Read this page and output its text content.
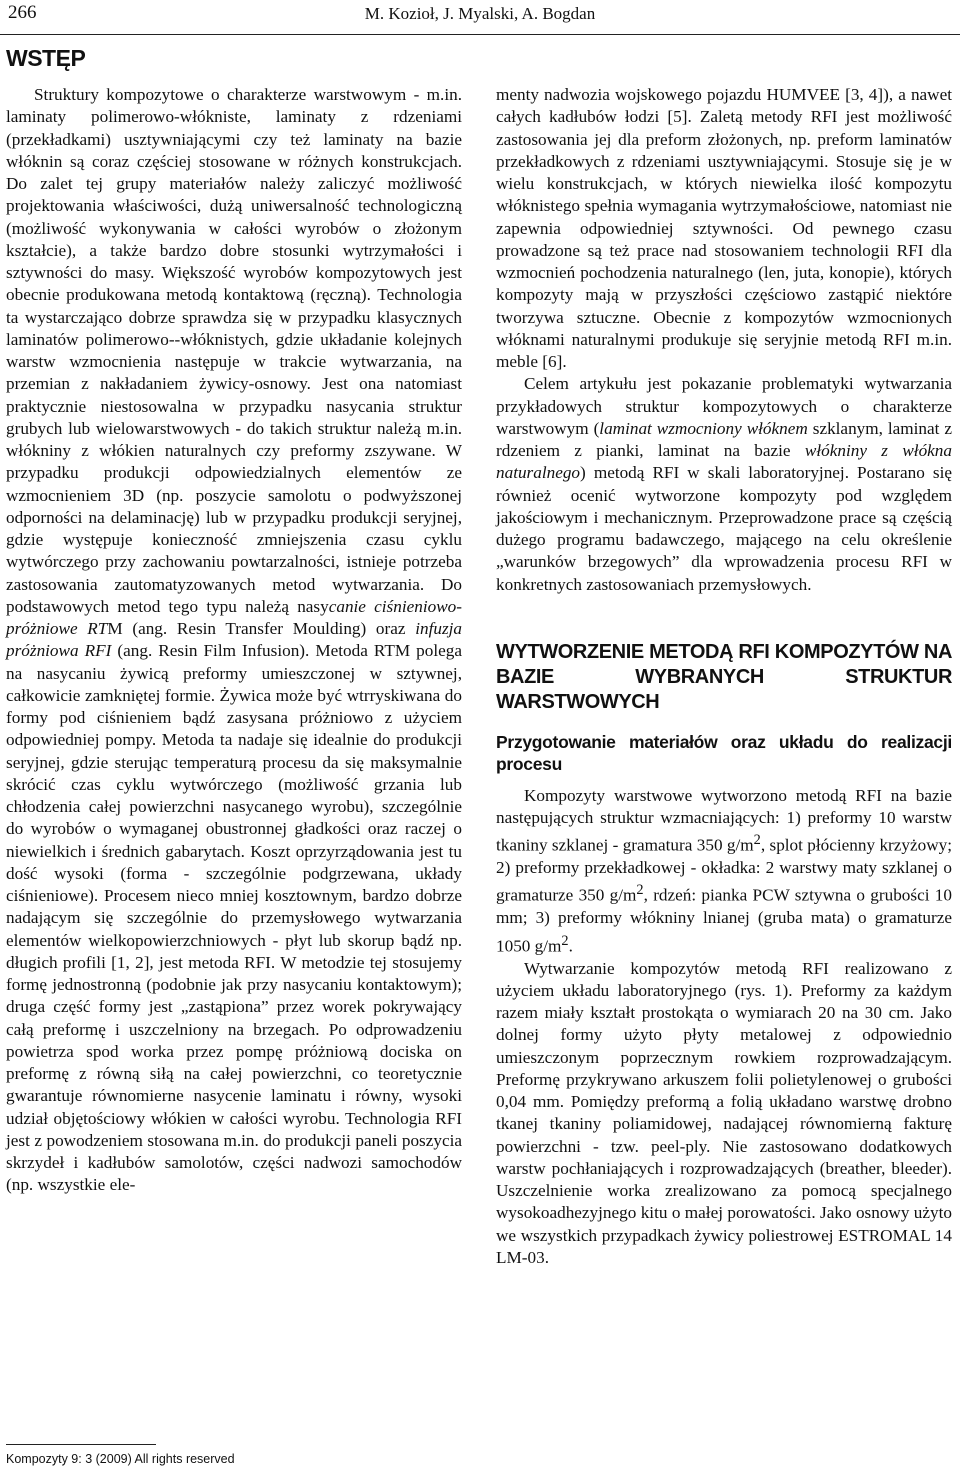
266	M. Kozioł, J. Myalski, A. Bogdan
WSTĘP

Struktury kompozytowe o charakterze warstwowym - m.in. laminaty polimerowo-włókniste, laminaty z rdzeniami (przekładkami) usztywniającymi czy też laminaty na bazie włóknin są coraz częściej stosowane w różnych konstrukcjach. Do zalet tej grupy materiałów należy zaliczyć możliwość projektowania właściwości, dużą uniwersalność technologiczną (możliwość wykonywania w całości wyrobów o złożonym kształcie), a także bardzo dobre stosunki wytrzymałości i sztywności do masy. Większość wyrobów kompozytowych jest obecnie produkowana metodą kontaktową (ręczną). Technologia ta wystarczająco dobrze sprawdza się w przypadku klasycznych laminatów polimerowo--włóknistych, gdzie układanie kolejnych warstw wzmocnienia następuje w trakcie wytwarzania, na przemian z nakładaniem żywicy-osnowy. Jest ona natomiast praktycznie niestosowalna w przypadku nasycania struktur grubych lub wielowarstwowych - do takich struktur należą m.in. włókniny z włókien naturalnych czy preformy zszywane. W przypadku produkcji odpowiedzialnych elementów ze wzmocnieniem 3D (np. poszycie samolotu o podwyższonej odporności na delaminację) lub w przypadku produkcji seryjnej, gdzie występuje konieczność zmniejszenia czasu cyklu wytwórczego przy zachowaniu powtarzalności, istnieje potrzeba zastosowania zautomatyzowanych metod wytwarzania. Do podstawowych metod tego typu należą nasycanie ciśnieniowo-próżniowe RTM (ang. Resin Transfer Moulding) oraz infuzja próżniowa RFI (ang. Resin Film Infusion). Metoda RTM polega na nasycaniu żywicą preformy umieszczonej w sztywnej, całkowicie zamkniętej formie. Żywica może być wtrryskiwana do formy pod ciśnieniem bądź zasysana próżniowo z użyciem odpowiedniej pompy. Metoda ta nadaje się idealnie do produkcji seryjnej, gdzie sterując temperaturą procesu da się maksymalnie skrócić czas cyklu wytwórczego (możliwość grzania lub chłodzenia całej powierzchni nasycanego wyrobu), szczególnie do wyrobów o wymaganej obustronnej gładkości oraz raczej o niewielkich i średnich gabarytach. Koszt oprzyrządowania jest tu dość wysoki (forma - szczególnie podgrzewana, układy ciśnieniowe). Procesem nieco mniej kosztownym, bardzo dobrze nadającym się szczególnie do przemysłowego wytwarzania elementów wielkopowierzchniowych - płyt lub skorup bądź np. długich profili [1, 2], jest metoda RFI. W metodzie tej stosujemy formę jednostronną (podobnie jak przy nasycaniu kontaktowym); druga część formy jest „zastąpiona” przez worek pokrywający całą preformę i uszczelniony na brzegach. Po odprowadzeniu powietrza spod worka przez pompę próżniową dociska on preformę z równą siłą na całej powierzchni, co teoretycznie gwarantuje równomierne nasycenie laminatu i równy, wysoki udział objętościowy włókien w całości wyrobu. Technologia RFI jest z powodzeniem stosowana m.in. do produkcji paneli poszycia skrzydeł i kadłubów samolotów, części nadwozi samochodów (np. wszystkie ele-

menty nadwozia wojskowego pojazdu HUMVEE [3, 4]), a nawet całych kadłubów łodzi [5]. Zaletą metody RFI jest możliwość zastosowania jej dla preform złożonych, np. preform laminatów przekładkowych z rdzeniami usztywniającymi. Stosuje się je w wielu konstrukcjach, w których niewielka ilość kompozytu włóknistego spełnia wymagania wytrzymałościowe, natomiast nie zapewnia odpowiedniej sztywności. Od pewnego czasu prowadzone są też prace nad stosowaniem technologii RFI dla wzmocnień pochodzenia naturalnego (len, juta, konopie), których kompozyty mają w przyszłości częściowo zastąpić niektóre tworzywa sztuczne. Obecnie z kompozytów wzmocnionych włóknami naturalnymi produkuje się seryjnie metodą RFI m.in. meble [6].

Celem artykułu jest pokazanie problematyki wytwarzania przykładowych struktur kompozytowych o charakterze warstwowym (laminat wzmocniony włóknem szklanym, laminat z rdzeniem z pianki, laminat na bazie włókniny z włókna naturalnego) metodą RFI w skali laboratoryjnej. Postarano się również ocenić wytworzone kompozyty pod względem jakościowym i mechanicznym. Przeprowadzone prace są częścią dużego programu badawczego, mającego na celu określenie „warunków brzegowych” dla wprowadzenia procesu RFI w konkretnych zastosowaniach przemysłowych.

WYTWORZENIE METODĄ RFI KOMPOZYTÓW NA BAZIE WYBRANYCH STRUKTUR WARSTWOWYCH
Przygotowanie materiałów oraz układu do realizacji procesu

Kompozyty warstwowe wytworzono metodą RFI na bazie następujących struktur wzmacniających: 1) preformy 10 warstw tkaniny szklanej - gramatura 350 $g/m^2$, splot płócienny krzyżowy; 2) preformy przekładkowej - okładka: 2 warstwy maty szklanej o gramaturze 350 $g/m^2$, rdzeń: pianka PCW sztywna o grubości 10 mm; 3) preformy włókniny lnianej (gruba mata) o gramaturze 1050 $g/m^2$.

Wytwarzanie kompozytów metodą RFI realizowano z użyciem układu laboratoryjnego (rys. 1). Preformy za każdym razem miały kształt prostokąta o wymiarach 20 na 30 cm. Jako dolnej formy użyto płyty metalowej z odpowiednio umieszczonym poprzecznym rowkiem rozprowadzającym. Preformę przykrywano arkuszem folii polietylenowej o grubości 0,04 mm. Pomiędzy preformą a folią układano warstwę drobno tkanej tkaniny poliamidowej, nadającej równomierną fakturę powierzchni - tzw. peel-ply. Nie zastosowano dodatkowych warstw pochłaniających i rozprowadzających (breather, bleeder). Uszczelnienie worka zrealizowano za pomocą specjalnego wysokoadhezyjnego kitu o małej porowatości. Jako osnowy użyto we wszystkich przypadkach żywicy poliestrowej ESTROMAL 14 LM-03.

Kompozyty 9: 3 (2009) All rights reserved
